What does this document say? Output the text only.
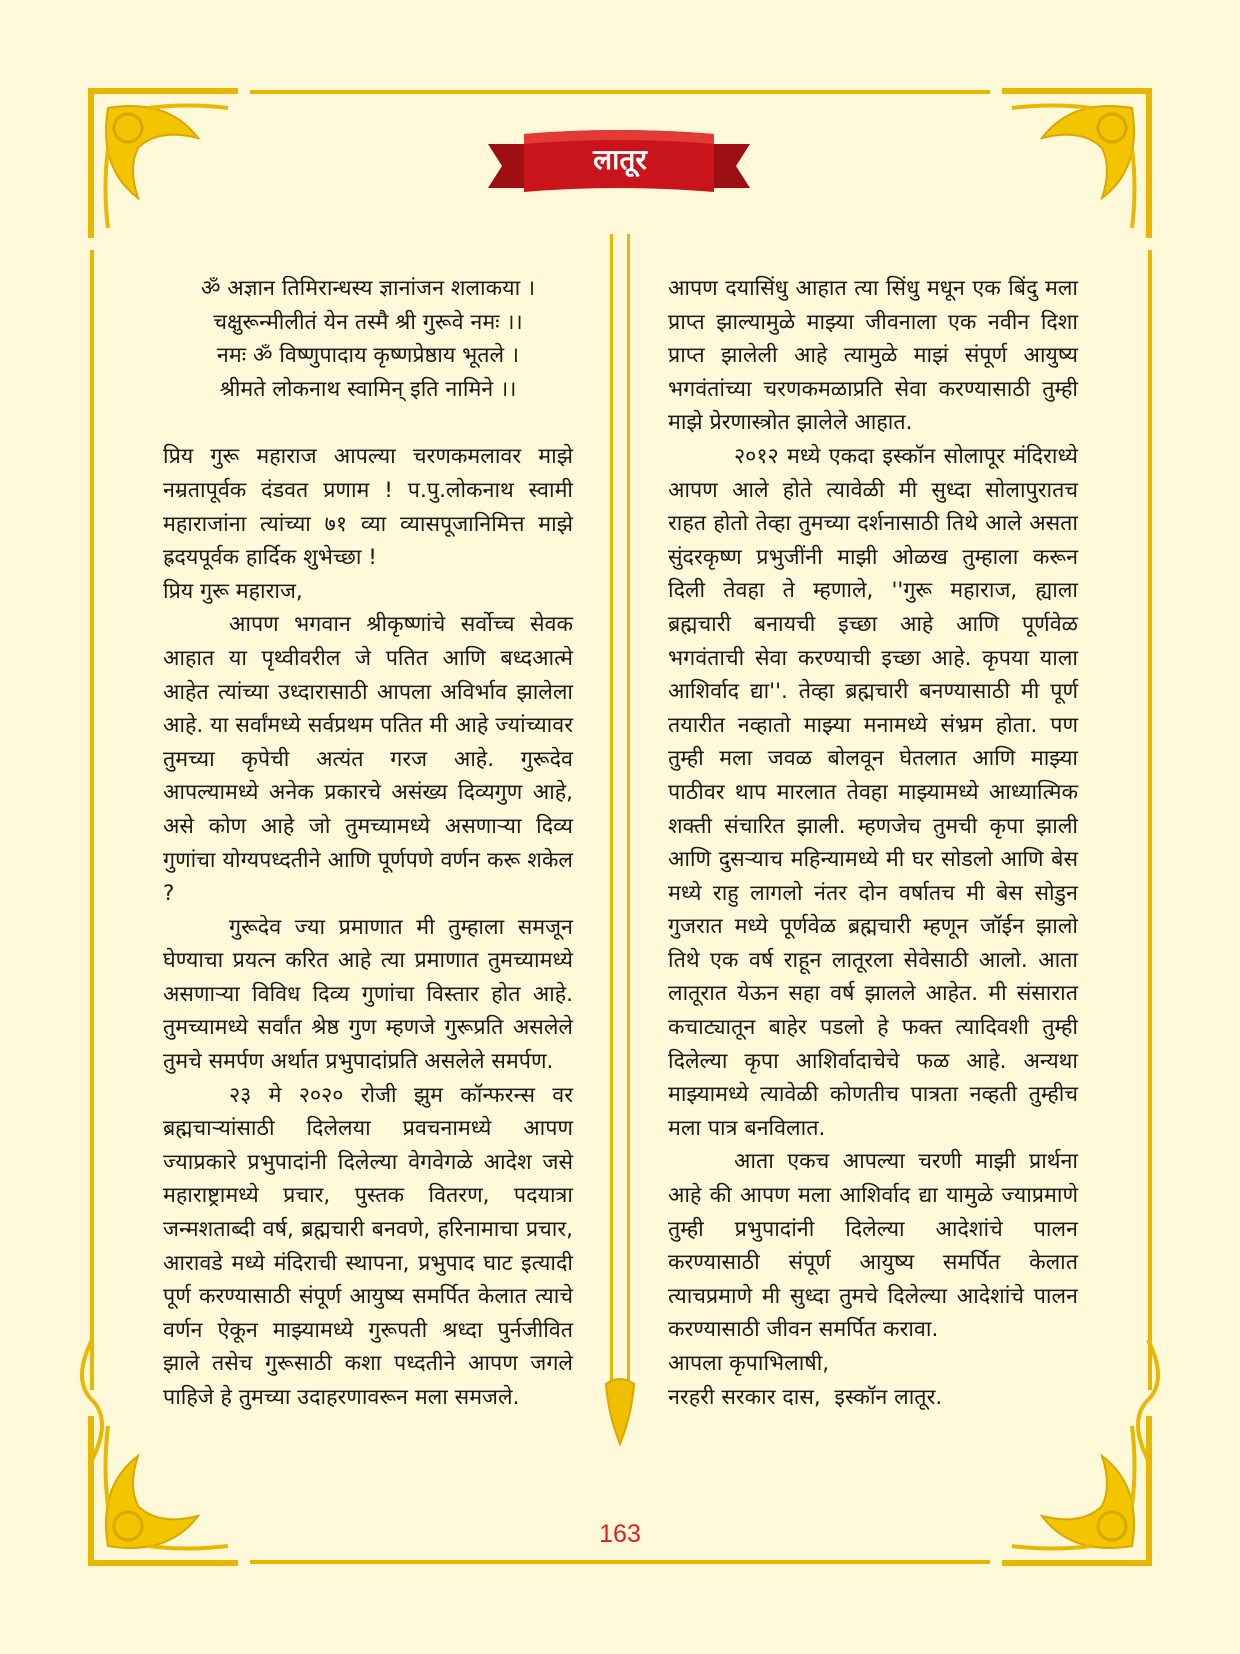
लातूर

ॐ अज्ञान तिमिरान्धस्य ज्ञानांजन शलाकया ।

चक्षुरून्मीलीतं येन तस्मै श्री गुरूवे नमः ।।

नमः ॐ विष्णुपादाय कृष्णप्रेष्ठाय भूतले ।

श्रीमते लोकनाथ स्वामिन् इति नामिने ।।

प्रिय गुरू महाराज आपल्या चरणकमलावर माझे नम्रतापूर्वक दंडवत प्रणाम ! प.पु.लोकनाथ स्वामी महाराजांना त्यांच्या ७१ व्या व्यासपूजानिमित्त माझे ह्रदयपूर्वक हार्दिक शुभेच्छा !

प्रिय गुरू महाराज,

आपण भगवान श्रीकृष्णांचे सर्वोच्च सेवक आहात या पृथ्वीवरील जे पतित आणि बध्दआत्मे आहेत त्यांच्या उध्दारासाठी आपला अविर्भाव झालेला आहे. या सर्वांमध्ये सर्वप्रथम पतित मी आहे ज्यांच्यावर तुमच्या कृपेची अत्यंत गरज आहे. गुरूदेव आपल्यामध्ये अनेक प्रकारचे असंख्य दिव्यगुण आहे, असे कोण आहे जो तुमच्यामध्ये असणाऱ्या दिव्य गुणांचा योग्यपध्दतीने आणि पूर्णपणे वर्णन करू शकेल ?

गुरूदेव ज्या प्रमाणात मी तुम्हाला समजून घेण्याचा प्रयत्न करित आहे त्या प्रमाणात तुमच्यामध्ये असणाऱ्या विविध दिव्य गुणांचा विस्तार होत आहे. तुमच्यामध्ये सर्वांत श्रेष्ठ गुण म्हणजे गुरूप्रति असलेले तुमचे समर्पण अर्थात प्रभुपादांप्रति असलेले समर्पण.

२३ मे २०२० रोजी झुम कॉन्फरन्स वर ब्रह्मचाऱ्यांसाठी दिलेलया प्रवचनामध्ये आपण ज्याप्रकारे प्रभुपादांनी दिलेल्या वेगवेगळे आदेश जसे महाराष्ट्रामध्ये प्रचार, पुस्तक वितरण, पदयात्रा जन्मशताब्दी वर्ष, ब्रह्मचारी बनवणे, हरिनामाचा प्रचार, आरावडे मध्ये मंदिराची स्थापना, प्रभुपाद घाट इत्यादी पूर्ण करण्यासाठी संपूर्ण आयुष्य समर्पित केलात त्याचे वर्णन ऐकून माझ्यामध्ये गुरूपती श्रध्दा पुर्नजीवित झाले तसेच गुरूसाठी कशा पध्दतीने आपण जगले पाहिजे हे तुमच्या उदाहरणावरून मला समजले.

आपण दयासिंधु आहात त्या सिंधु मधून एक बिंदु मला प्राप्त झाल्यामुळे माझ्या जीवनाला एक नवीन दिशा प्राप्त झालेली आहे त्यामुळे माझं संपूर्ण आयुष्य भगवंतांच्या चरणकमळाप्रति सेवा करण्यासाठी तुम्ही माझे प्रेरणास्त्रोत झालेले आहात.

२०१२ मध्ये एकदा इस्कॉन सोलापूर मंदिराध्ये आपण आले होते त्यावेळी मी सुध्दा सोलापुरातच राहत होतो तेव्हा तुमच्या दर्शनासाठी तिथे आले असता सुंदरकृष्ण प्रभुजींनी माझी ओळख तुम्हाला करून दिली तेवहा ते म्हणाले, ''गुरू महाराज, ह्याला ब्रह्मचारी बनायची इच्छा आहे आणि पूर्णवेळ भगवंताची सेवा करण्याची इच्छा आहे. कृपया याला आशिर्वाद द्या''. तेव्हा ब्रह्मचारी बनण्यासाठी मी पूर्ण तयारीत नव्हातो माझ्या मनामध्ये संभ्रम होता. पण तुम्ही मला जवळ बोलवून घेतलात आणि माझ्या पाठीवर थाप मारलात तेवहा माझ्यामध्ये आध्यात्मिक शक्ती संचारित झाली. म्हणजेच तुमची कृपा झाली आणि दुसऱ्याच महिन्यामध्ये मी घर सोडलो आणि बेस मध्ये राहु लागलो नंतर दोन वर्षातच मी बेस सोडुन गुजरात मध्ये पूर्णवेळ ब्रह्मचारी म्हणून जॉईन झालो तिथे एक वर्ष राहून लातूरला सेवेसाठी आलो. आता लातूरात येऊन सहा वर्ष झालले आहेत. मी संसारात कचाट्यातून बाहेर पडलो हे फक्त त्यादिवशी तुम्ही दिलेल्या कृपा आशिर्वादाचेचे फळ आहे. अन्यथा माझ्यामध्ये त्यावेळी कोणतीच पात्रता नव्हती तुम्हीच मला पात्र बनविलात.

आता एकच आपल्या चरणी माझी प्रार्थना आहे की आपण मला आशिर्वाद द्या यामुळे ज्याप्रमाणे तुम्ही प्रभुपादांनी दिलेल्या आदेशांचे पालन करण्यासाठी संपूर्ण आयुष्य समर्पित केलात त्याचप्रमाणे मी सुध्दा तुमचे दिलेल्या आदेशांचे पालन करण्यासाठी जीवन समर्पित करावा.

आपला कृपाभिलाषी,

नरहरी सरकार दास,  इस्कॉन लातूर.

163
